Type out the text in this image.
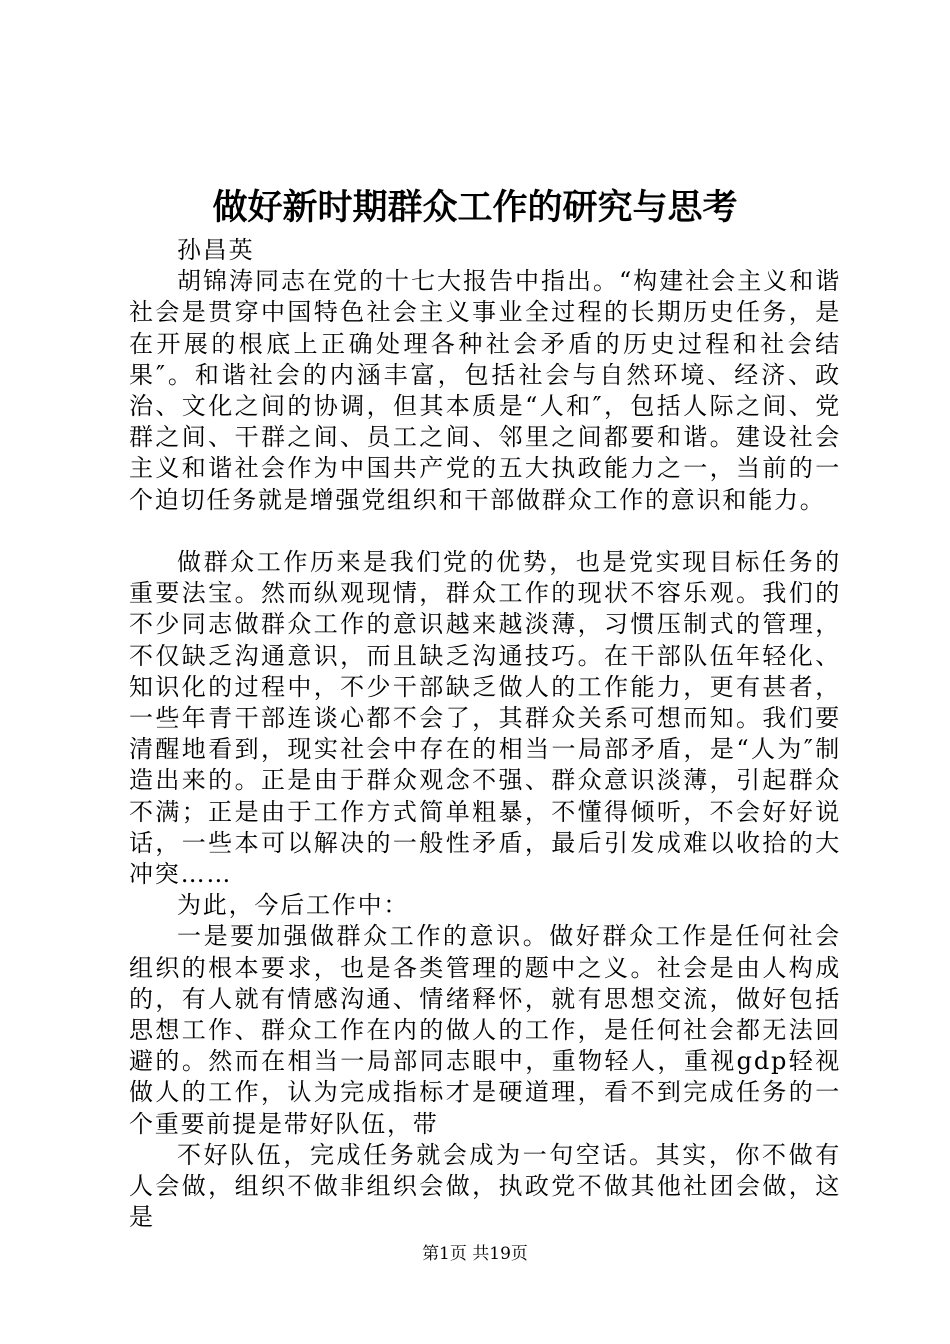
做好新时期群众工作的研究与思考

孙昌英

胡锦涛同志在党的十七大报告中指出。“构建社会主义和谐社会是贯穿中国特色社会主义事业全过程的长期历史任务，是在开展的根底上正确处理各种社会矛盾的历史过程和社会结果″。和谐社会的内涵丰富，包括社会与自然环境、经济、政治、文化之间的协调，但其本质是“人和″，包括人际之间、党群之间、干群之间、员工之间、邻里之间都要和谐。建设社会主义和谐社会作为中国共产党的五大执政能力之一，当前的一个迫切任务就是增强党组织和干部做群众工作的意识和能力。

做群众工作历来是我们党的优势，也是党实现目标任务的重要法宝。然而纵观现情，群众工作的现状不容乐观。我们的不少同志做群众工作的意识越来越淡薄，习惯压制式的管理，不仅缺乏沟通意识，而且缺乏沟通技巧。在干部队伍年轻化、知识化的过程中，不少干部缺乏做人的工作能力，更有甚者，一些年青干部连谈心都不会了，其群众关系可想而知。我们要清醒地看到，现实社会中存在的相当一局部矛盾，是“人为″制造出来的。正是由于群众观念不强、群众意识淡薄，引起群众不满；正是由于工作方式简单粗暴，不懂得倾听，不会好好说话，一些本可以解决的一般性矛盾，最后引发成难以收拾的大冲突……

为此，今后工作中：

一是要加强做群众工作的意识。做好群众工作是任何社会组织的根本要求，也是各类管理的题中之义。社会是由人构成的，有人就有情感沟通、情绪释怀，就有思想交流，做好包括思想工作、群众工作在内的做人的工作，是任何社会都无法回避的。然而在相当一局部同志眼中，重物轻人，重视gdp轻视做人的工作，认为完成指标才是硬道理，看不到完成任务的一个重要前提是带好队伍，带

不好队伍，完成任务就会成为一句空话。其实，你不做有人会做，组织不做非组织会做，执政党不做其他社团会做，这是

第1页 共19页
